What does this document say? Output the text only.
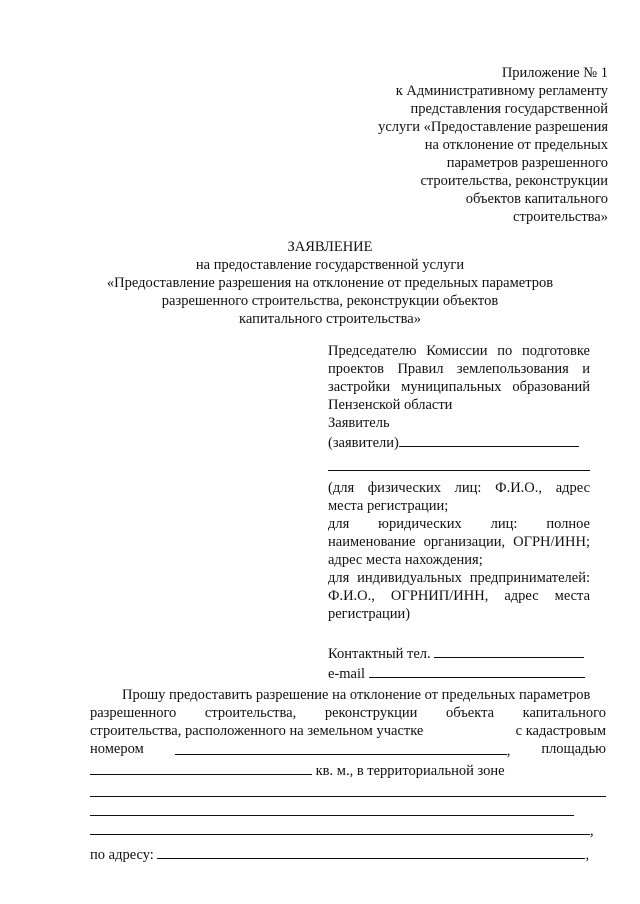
Приложение № 1
к Административному регламенту
представления государственной
услуги «Предоставление разрешения
на отклонение от предельных
параметров разрешенного
строительства, реконструкции
объектов капитального
строительства»
ЗАЯВЛЕНИЕ
на предоставление государственной услуги
«Предоставление разрешения на отклонение от предельных параметров
разрешенного строительства, реконструкции объектов
капитального строительства»
Председателю Комиссии по подготовке
проектов Правил землепользования и
застройки муниципальных образований
Пензенской области
Заявитель
(заявители)
(для физических лиц: Ф.И.О., адрес
места регистрации;
для юридических лиц: полное
наименование организации, ОГРН/ИНН;
адрес места нахождения;
для индивидуальных предпринимателей:
Ф.И.О., ОГРНИП/ИНН, адрес места
регистрации)
Контактный тел.
e-mail
Прошу предоставить разрешение на отклонение от предельных параметров
разрешенного строительства, реконструкции объекта капитального
строительства, расположенного на земельном участке	с кадастровым
номером	, площадью
кв. м., в территориальной зоне
,
по адресу:	,
